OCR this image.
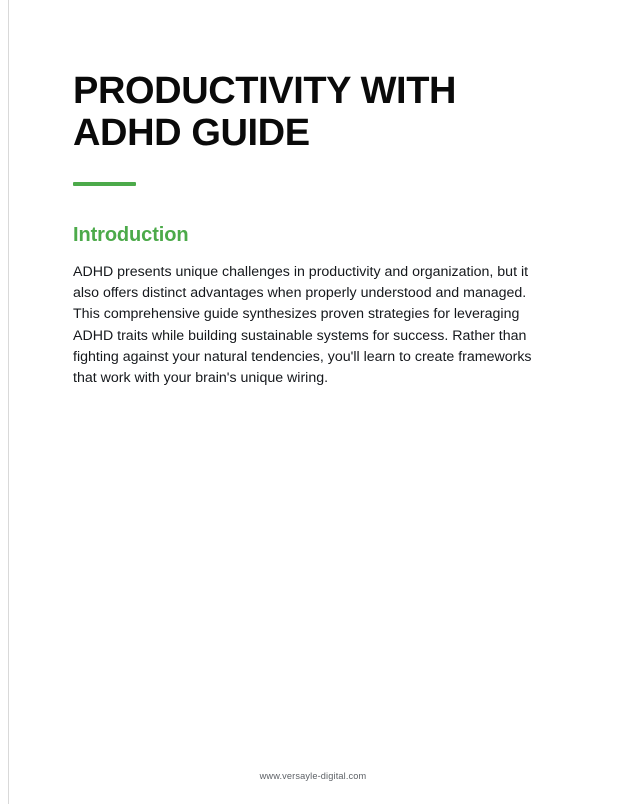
PRODUCTIVITY WITH ADHD GUIDE
Introduction

ADHD presents unique challenges in productivity and organization, but it also offers distinct advantages when properly understood and managed. This comprehensive guide synthesizes proven strategies for leveraging ADHD traits while building sustainable systems for success. Rather than fighting against your natural tendencies, you'll learn to create frameworks that work with your brain's unique wiring.

www.versayle-digital.com
